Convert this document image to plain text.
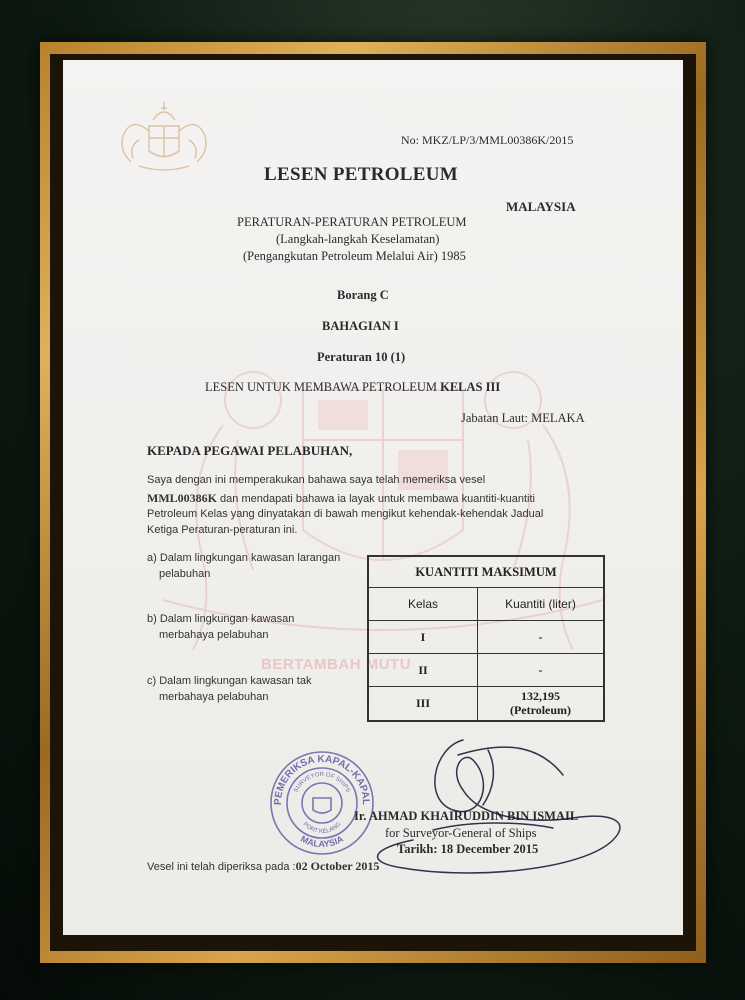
BERTAMBAH MUTU
No: MKZ/LP/3/MML00386K/2015
LESEN PETROLEUM
MALAYSIA
PERATURAN-PERATURAN PETROLEUM
(Langkah-langkah Keselamatan)
(Pengangkutan Petroleum Melalui Air) 1985
Borang C
BAHAGIAN I
Peraturan 10 (1)
LESEN UNTUK MEMBAWA PETROLEUM KELAS III
Jabatan Laut: MELAKA
KEPADA PEGAWAI PELABUHAN,
Saya dengan ini memperakukan bahawa saya telah memeriksa vesel
MML00386K dan mendapati bahawa ia layak untuk membawa kuantiti-kuantiti
Petroleum Kelas yang dinyatakan di bawah mengikut kehendak-kehendak Jadual
Ketiga Peraturan-peraturan ini.
a) Dalam lingkungan kawasan larangan
pelabuhan
b) Dalam lingkungan kawasan
merbahaya pelabuhan
c) Dalam lingkungan kawasan tak
merbahaya pelabuhan
KUANTITI MAKSIMUM	
Kelas	Kuantiti (liter)
I	-
II	-
III	132,195
(Petroleum)
PEMERIKSA KAPAL-KAPAL
SURVEYOR OF SHIPS
PORT KELANG
MALAYSIA
Ir. AHMAD KHAIRUDDIN BIN ISMAIL
for Surveyor-General of Ships
Tarikh: 18 December 2015
Vesel ini telah diperiksa pada :02 October 2015
